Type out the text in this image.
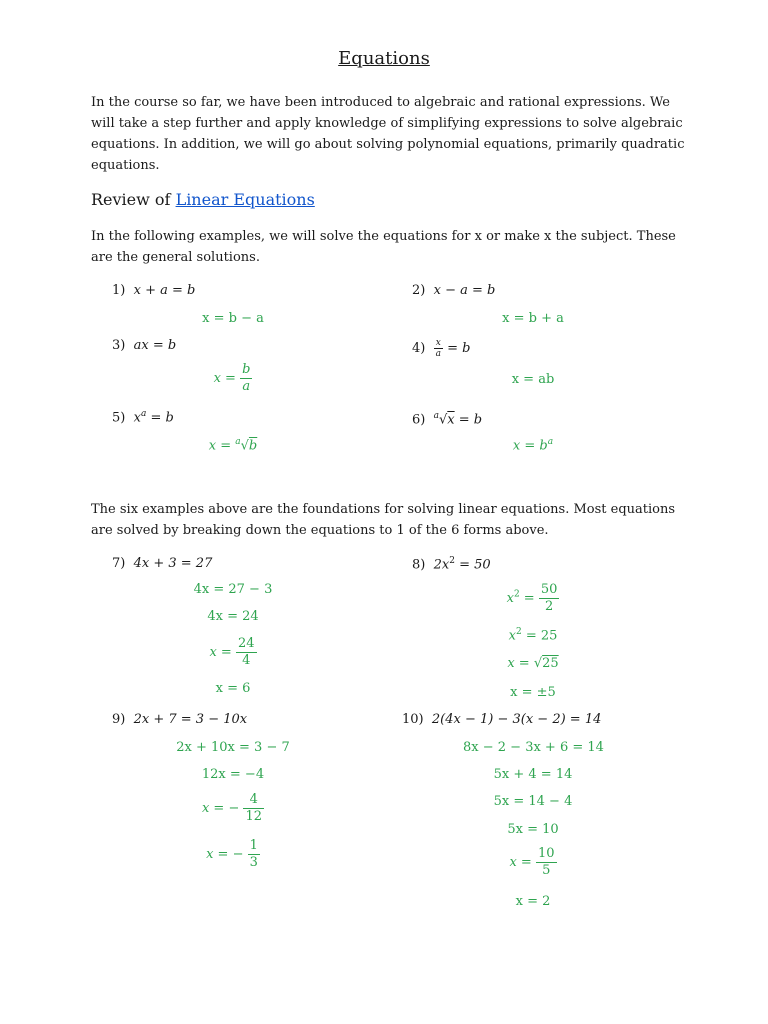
Equations
In the course so far, we have been introduced to algebraic and rational expressions. We will take a step further and apply knowledge of simplifying expressions to solve algebraic equations. In addition, we will go about solving polynomial equations, primarily quadratic equations.
Review of Linear Equations
In the following examples, we will solve the equations for x or make x the subject. These are the general solutions.
1) x + a = b
x = b − a
2) x − a = b
x = b + a
3) ax = b
$x = \frac{b}{a}$
$4) \frac{x}{a} = b$
x = ab
5) $x^a = b$
x = $^a$√b
6) $^a$√x = b
$x = b^a$
The six examples above are the foundations for solving linear equations. Most equations are solved by breaking down the equations to 1 of the 6 forms above.
7) 4x + 3 = 27
4x = 27 − 3
4x = 24
$x = \frac{24}{4}$
x = 6
8) $2x^2 = 50$
$x^2 = \frac{50}{2}$
$x^2 = 25$
x = √25
x = ±5
9) 2x + 7 = 3 − 10x
2x + 10x = 3 − 7
12x = −4
x = − $\frac{4}{12}$
x = − $\frac{1}{3}$
10) 2(4x − 1) − 3(x − 2) = 14
8x − 2 − 3x + 6 = 14
5x + 4 = 14
5x = 14 − 4
5x = 10
$x = \frac{10}{5}$
x = 2
